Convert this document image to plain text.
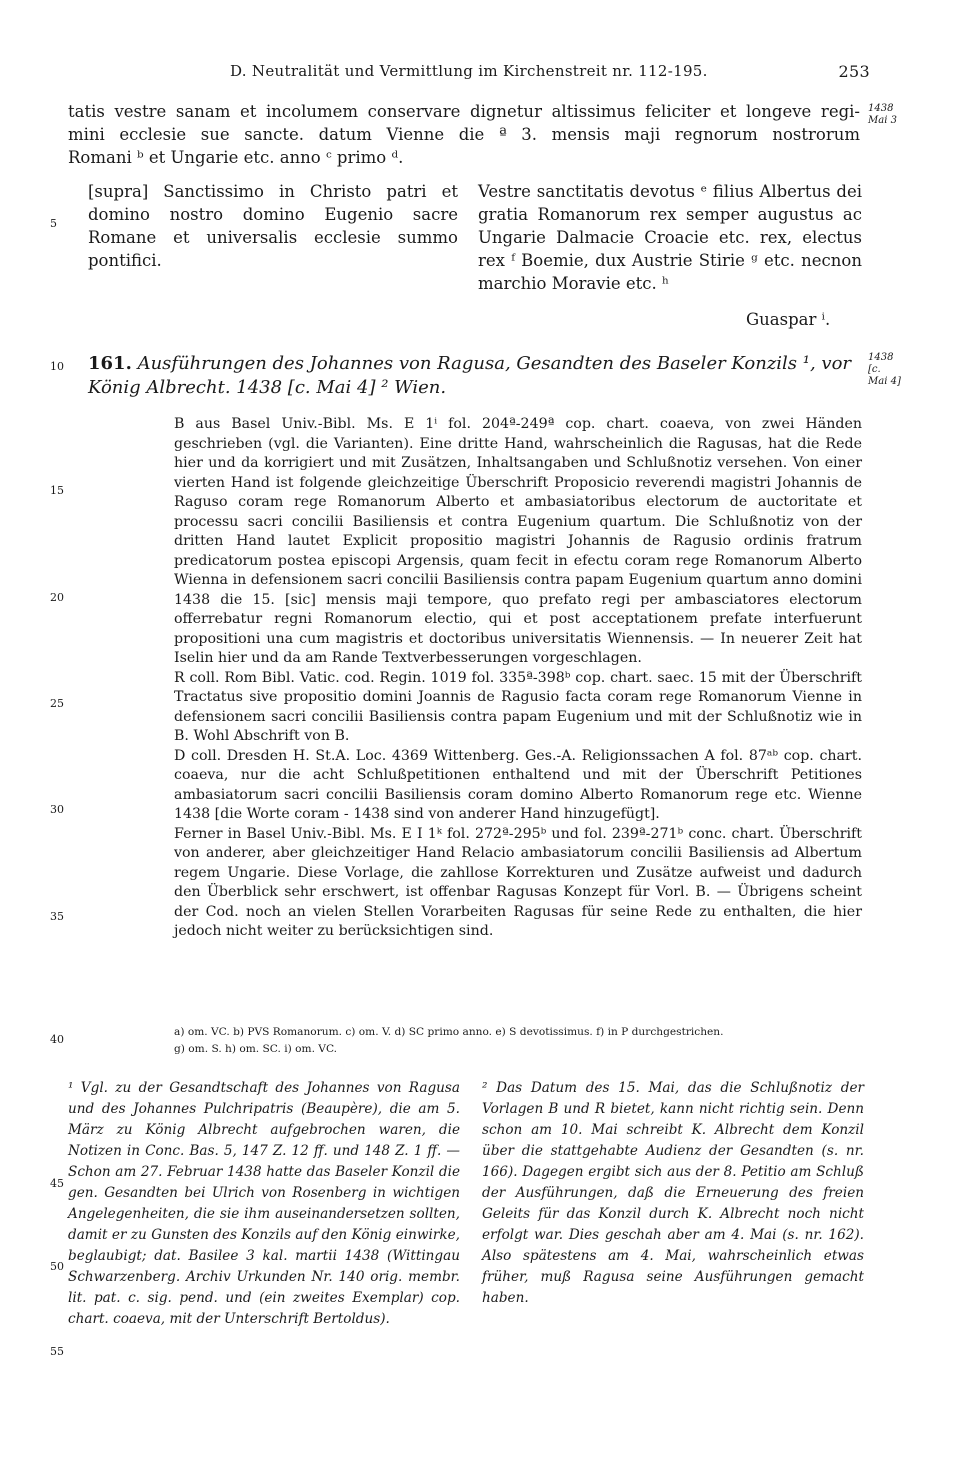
D. Neutralität und Vermittlung im Kirchenstreit nr. 112-195.	253
1438
Mai 3
1438
[c.
Mai 4]
5
10
15
20
25
30
35
40
45
50
55

tatis vestre sanam et incolumem conservare dignetur altissimus feliciter et longeve regi-

mini ecclesie sue sancte. datum Vienne die ª 3. mensis maji regnorum nostrorum

Romani ᵇ et Ungarie etc. anno ᶜ primo ᵈ.

[supra] Sanctissimo in Christo patri et domino nostro domino Eugenio sacre Romane et universalis ecclesie summo pontifici.

Vestre sanctitatis devotus ᵉ filius Albertus dei gratia Romanorum rex semper augustus ac Ungarie Dalmacie Croacie etc. rex, electus rex ᶠ Boemie, dux Austrie Stirie ᵍ etc. necnon marchio Moravie etc. ʰ

Guaspar ⁱ.
161. Ausführungen des Johannes von Ragusa, Gesandten des Baseler Konzils ¹, vor König Albrecht. 1438 [c. Mai 4] ² Wien.

B aus Basel Univ.-Bibl. Ms. E 1ⁱ fol. 204ª-249ª cop. chart. coaeva, von zwei Händen geschrieben (vgl. die Varianten). Eine dritte Hand, wahrscheinlich die Ragusas, hat die Rede hier und da korrigiert und mit Zusätzen, Inhaltsangaben und Schlußnotiz versehen. Von einer vierten Hand ist folgende gleichzeitige Überschrift Proposicio reverendi magistri Johannis de Raguso coram rege Romanorum Alberto et ambasiatoribus electorum de auctoritate et processu sacri concilii Basiliensis et contra Eugenium quartum. Die Schlußnotiz von der dritten Hand lautet Explicit propositio magistri Johannis de Ragusio ordinis fratrum predicatorum postea episcopi Argensis, quam fecit in efectu coram rege Romanorum Alberto Wienna in defensionem sacri concilii Basiliensis contra papam Eugenium quartum anno domini 1438 die 15. [sic] mensis maji tempore, quo prefato regi per ambasciatores electorum offerrebatur regni Romanorum electio, qui et post acceptationem prefate interfuerunt propositioni una cum magistris et doctoribus universitatis Wiennensis. — In neuerer Zeit hat Iselin hier und da am Rande Textverbesserungen vorgeschlagen.

R coll. Rom Bibl. Vatic. cod. Regin. 1019 fol. 335ª-398ᵇ cop. chart. saec. 15 mit der Überschrift Tractatus sive propositio domini Joannis de Ragusio facta coram rege Romanorum Vienne in defensionem sacri concilii Basiliensis contra papam Eugenium und mit der Schlußnotiz wie in B. Wohl Abschrift von B.

D coll. Dresden H. St.A. Loc. 4369 Wittenberg. Ges.-A. Religionssachen A fol. 87ᵃᵇ cop. chart. coaeva, nur die acht Schlußpetitionen enthaltend und mit der Überschrift Petitiones ambasiatorum sacri concilii Basiliensis coram domino Alberto Romanorum rege etc. Wienne 1438 [die Worte coram - 1438 sind von anderer Hand hinzugefügt].

Ferner in Basel Univ.-Bibl. Ms. E I 1ᵏ fol. 272ª-295ᵇ und fol. 239ª-271ᵇ conc. chart. Überschrift von anderer, aber gleichzeitiger Hand Relacio ambasiatorum concilii Basiliensis ad Albertum regem Ungarie. Diese Vorlage, die zahllose Korrekturen und Zusätze aufweist und dadurch den Überblick sehr erschwert, ist offenbar Ragusas Konzept für Vorl. B. — Übrigens scheint der Cod. noch an vielen Stellen Vorarbeiten Ragusas für seine Rede zu enthalten, die hier jedoch nicht weiter zu berücksichtigen sind.

a) om. VC. b) PVS Romanorum. c) om. V. d) SC primo anno. e) S devotissimus. f) in P durchgestrichen.
g) om. S. h) om. SC. i) om. VC.

¹ Vgl. zu der Gesandtschaft des Johannes von Ragusa und des Johannes Pulchripatris (Beaupère), die am 5. März zu König Albrecht aufgebrochen waren, die Notizen in Conc. Bas. 5, 147 Z. 12 ff. und 148 Z. 1 ff. — Schon am 27. Februar 1438 hatte das Baseler Konzil die gen. Gesandten bei Ulrich von Rosenberg in wichtigen Angelegenheiten, die sie ihm auseinandersetzen sollten, damit er zu Gunsten des Konzils auf den König einwirke, beglaubigt; dat. Basilee 3 kal. martii 1438 (Wittingau Schwarzenberg. Archiv Urkunden Nr. 140 orig. membr. lit. pat. c. sig. pend. und (ein zweites Exemplar) cop. chart. coaeva, mit der Unterschrift Bertoldus).

² Das Datum des 15. Mai, das die Schlußnotiz der Vorlagen B und R bietet, kann nicht richtig sein. Denn schon am 10. Mai schreibt K. Albrecht dem Konzil über die stattgehabte Audienz der Gesandten (s. nr. 166). Dagegen ergibt sich aus der 8. Petitio am Schluß der Ausführungen, daß die Erneuerung des freien Geleits für das Konzil durch K. Albrecht noch nicht erfolgt war. Dies geschah aber am 4. Mai (s. nr. 162). Also spätestens am 4. Mai, wahrscheinlich etwas früher, muß Ragusa seine Ausführungen gemacht haben.
